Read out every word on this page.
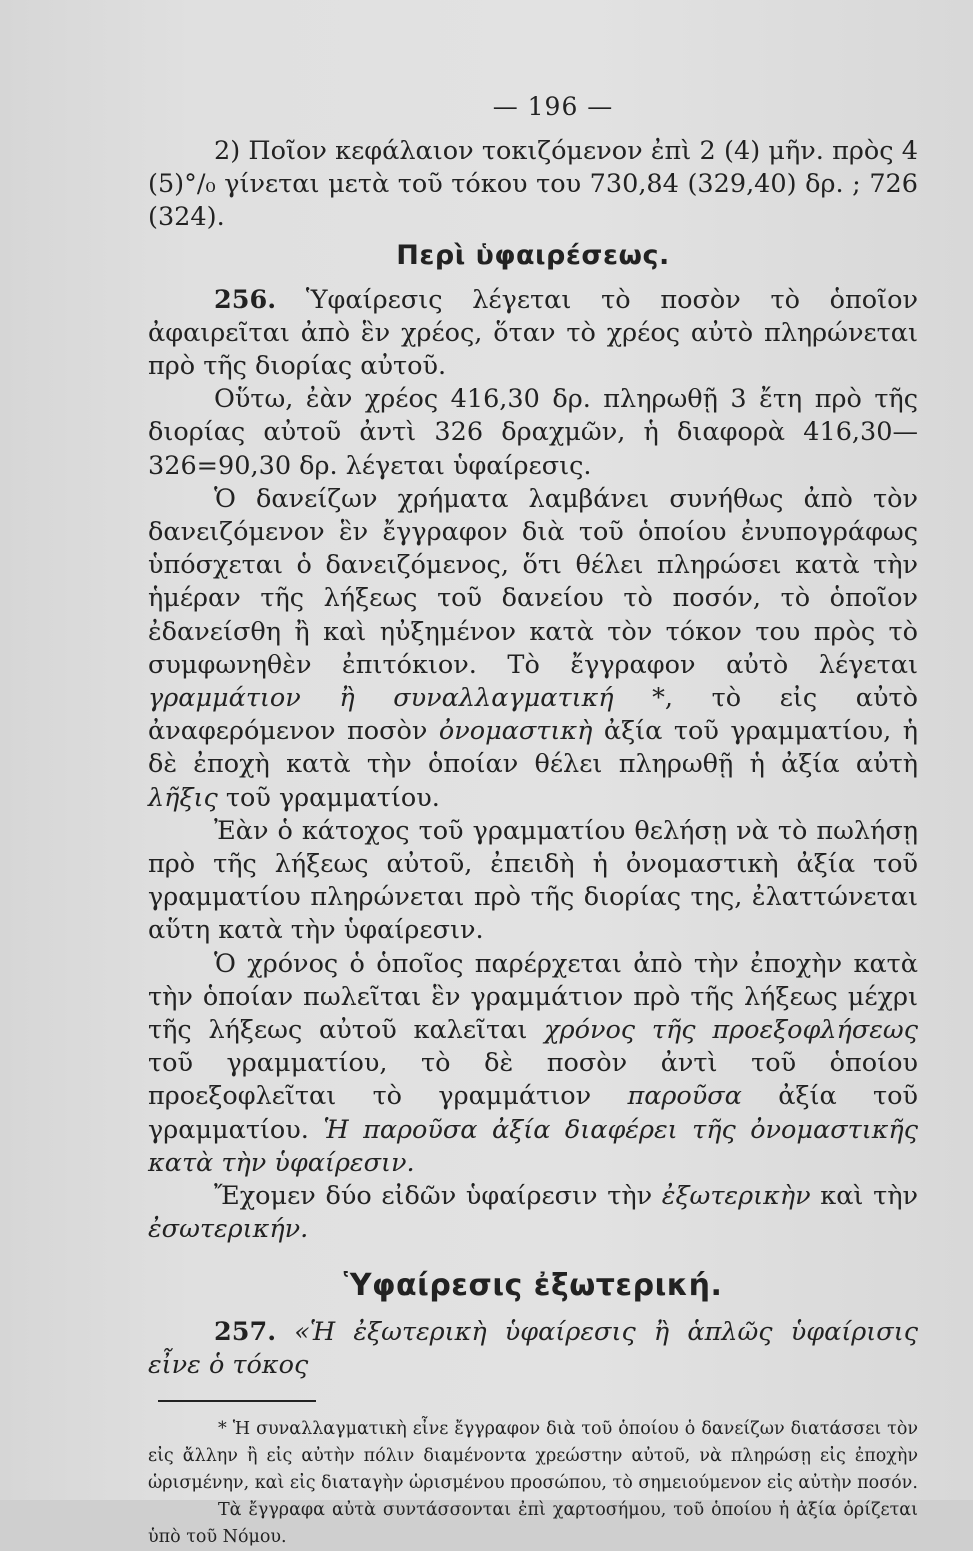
— 196 —

2) Ποῖον κεφάλαιον τοκιζόμενον ἐπὶ 2 (4) μῆν. πρὸς 4 (5)°/₀ γίνεται μετὰ τοῦ τόκου του 730,84 (329,40) δρ. ; 726 (324).

Περὶ ὑφαιρέσεως.

256. Ὑφαίρεσις λέγεται τὸ ποσὸν τὸ ὁποῖον ἀφαιρεῖται ἀπὸ ἓν χρέος, ὅταν τὸ χρέος αὐτὸ πληρώνεται πρὸ τῆς διορίας αὐτοῦ.

Οὕτω, ἐὰν χρέος 416,30 δρ. πληρωθῇ 3 ἔτη πρὸ τῆς διορίας αὐτοῦ ἀντὶ 326 δραχμῶν, ἡ διαφορὰ 416,30—326=90,30 δρ. λέγεται ὑφαίρεσις.

Ὁ δανείζων χρήματα λαμβάνει συνήθως ἀπὸ τὸν δανειζόμενον ἓν ἔγγραφον διὰ τοῦ ὁποίου ἐνυπογράφως ὑπόσχεται ὁ δανειζόμενος, ὅτι θέλει πληρώσει κατὰ τὴν ἡμέραν τῆς λήξεως τοῦ δανείου τὸ ποσόν, τὸ ὁποῖον ἐδανείσθη ἢ καὶ ηὐξημένον κατὰ τὸν τόκον του πρὸς τὸ συμφωνηθὲν ἐπιτόκιον. Τὸ ἔγγραφον αὐτὸ λέγεται γραμμάτιον ἢ συναλλαγματική *, τὸ εἰς αὐτὸ ἀναφερόμενον ποσὸν ὀνομαστικὴ ἀξία τοῦ γραμματίου, ἡ δὲ ἐποχὴ κατὰ τὴν ὁποίαν θέλει πληρωθῇ ἡ ἀξία αὐτὴ λῆξις τοῦ γραμματίου.

Ἐὰν ὁ κάτοχος τοῦ γραμματίου θελήσῃ νὰ τὸ πωλήσῃ πρὸ τῆς λήξεως αὐτοῦ, ἐπειδὴ ἡ ὀνομαστικὴ ἀξία τοῦ γραμματίου πληρώνεται πρὸ τῆς διορίας της, ἐλαττώνεται αὕτη κατὰ τὴν ὑφαίρεσιν.

Ὁ χρόνος ὁ ὁποῖος παρέρχεται ἀπὸ τὴν ἐποχὴν κατὰ τὴν ὁποίαν πωλεῖται ἓν γραμμάτιον πρὸ τῆς λήξεως μέχρι τῆς λήξεως αὐτοῦ καλεῖται χρόνος τῆς προεξοφλήσεως τοῦ γραμματίου, τὸ δὲ ποσὸν ἀντὶ τοῦ ὁποίου προεξοφλεῖται τὸ γραμμάτιον παροῦσα ἀξία τοῦ γραμματίου. Ἡ παροῦσα ἀξία διαφέρει τῆς ὀνομαστικῆς κατὰ τὴν ὑφαίρεσιν.

Ἔχομεν δύο εἰδῶν ὑφαίρεσιν τὴν ἐξωτερικὴν καὶ τὴν ἐσωτερικήν.

Ὑφαίρεσις ἐξωτερική.

257. «Ἡ ἐξωτερικὴ ὑφαίρεσις ἢ ἁπλῶς ὑφαίρισις εἶνε ὁ τόκος

* Ἡ συναλλαγματικὴ εἶνε ἔγγραφον διὰ τοῦ ὁποίου ὁ δανείζων διατάσσει τὸν εἰς ἄλλην ἢ εἰς αὐτὴν πόλιν διαμένοντα χρεώστην αὐτοῦ, νὰ πληρώσῃ εἰς ἐποχὴν ὡρισμένην, καὶ εἰς διαταγὴν ὡρισμένου προσώπου, τὸ σημειούμενον εἰς αὐτὴν ποσόν.

Τὰ ἔγγραφα αὐτὰ συντάσσονται ἐπὶ χαρτοσήμου, τοῦ ὁποίου ἡ ἀξία ὁρίζεται ὑπὸ τοῦ Νόμου.
